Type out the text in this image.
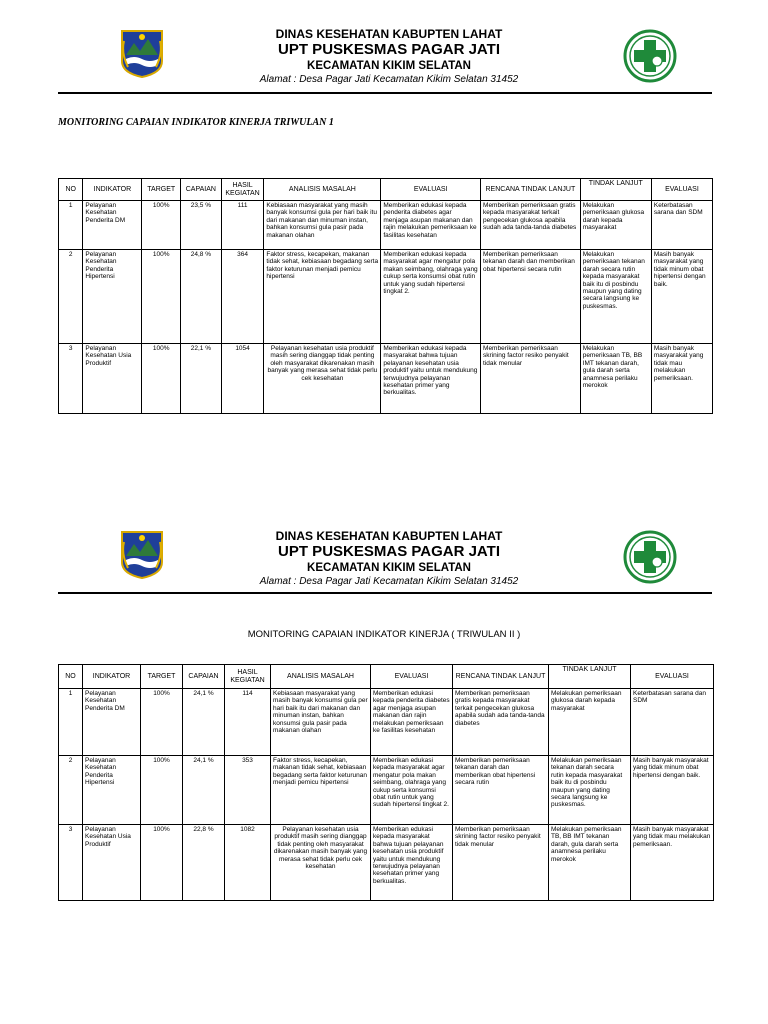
DINAS KESEHATAN KABUPTEN LAHAT
UPT PUSKESMAS PAGAR JATI
KECAMATAN KIKIM SELATAN
Alamat : Desa Pagar Jati Kecamatan Kikim Selatan 31452
MONITORING CAPAIAN INDIKATOR KINERJA TRIWULAN 1
NO	INDIKATOR	TARGET	CAPAIAN	HASIL KEGIATAN	ANALISIS MASALAH	EVALUASI	RENCANA TINDAK LANJUT	TINDAK LANJUT	EVALUASI
1	Pelayanan Kesehatan Penderita DM	100%	23,5 %	111	Kebiasaan masyarakat yang masih banyak konsumsi gula per hari baik itu dari makanan dan minuman instan, bahkan konsumsi gula pasir pada makanan olahan	Memberikan edukasi kepada penderita diabetes agar menjaga asupan makanan dan rajin melakukan pemeriksaan ke fasilitas kesehatan	Memberikan pemeriksaan gratis kepada masyarakat terkait pengecekan glukosa apabila sudah ada tanda-tanda diabetes	Melakukan pemeriksaan glukosa darah kepada masyarakat	Keterbatasan sarana dan SDM
2	Pelayanan Kesehatan Penderita Hipertensi	100%	24,8 %	364	Faktor stress, kecapekan, makanan tidak sehat, kebiasaan begadang serta faktor keturunan menjadi pemicu hipertensi	Memberikan edukasi kepada masyarakat agar mengatur pola makan seimbang, olahraga yang cukup serta konsumsi obat rutin untuk yang sudah hipertensi tingkat 2.	Memberikan pemeriksaan tekanan darah dan memberikan obat hipertensi secara rutin	Melakukan pemeriksaan tekanan darah secara rutin kepada masyarakat baik itu di posbindu maupun yang dating secara langsung ke puskesmas.	Masih banyak masyarakat yang tidak minum obat hipertensi dengan baik.
3	Pelayanan Kesehatan Usia Produktif	100%	22,1 %	1054	Pelayanan kesehatan usia produktif masih sering dianggap tidak penting oleh masyarakat dikarenakan masih banyak yang merasa sehat tidak perlu cek kesehatan	Memberikan edukasi kepada masyarakat bahwa tujuan pelayanan kesehatan usia produktif yaitu untuk mendukung terwujudnya pelayanan kesehatan primer yang berkualitas.	Memberikan pemeriksaan skrining factor resiko penyakit tidak menular	Melakukan pemeriksaan TB, BB IMT tekanan darah, gula darah serta anamnesa perilaku merokok	Masih banyak masyarakat yang tidak mau melakukan pemeriksaan.
DINAS KESEHATAN KABUPTEN LAHAT
UPT PUSKESMAS PAGAR JATI
KECAMATAN KIKIM SELATAN
Alamat : Desa Pagar Jati Kecamatan Kikim Selatan 31452
MONITORING CAPAIAN INDIKATOR KINERJA ( TRIWULAN II )
NO	INDIKATOR	TARGET	CAPAIAN	HASIL KEGIATAN	ANALISIS MASALAH	EVALUASI	RENCANA TINDAK LANJUT	TINDAK LANJUT	EVALUASI
1	Pelayanan Kesehatan Penderita DM	100%	24,1 %	114	Kebiasaan masyarakat yang masih banyak konsumsi gula per hari baik itu dari makanan dan minuman instan, bahkan konsumsi gula pasir pada makanan olahan	Memberikan edukasi kepada penderita diabetes agar menjaga asupan makanan dan rajin melakukan pemeriksaan ke fasilitas kesehatan	Memberikan pemeriksaan gratis kepada masyarakat terkait pengecekan glukosa apabila sudah ada tanda-tanda diabetes	Melakukan pemeriksaan glukosa darah kepada masyarakat	Keterbatasan sarana dan SDM
2	Pelayanan Kesehatan Penderita Hipertensi	100%	24,1 %	353	Faktor stress, kecapekan, makanan tidak sehat, kebiasaan begadang serta faktor keturunan menjadi pemicu hipertensi	Memberikan edukasi kepada masyarakat agar mengatur pola makan seimbang, olahraga yang cukup serta konsumsi obat rutin untuk yang sudah hipertensi tingkat 2.	Memberikan pemeriksaan tekanan darah dan memberikan obat hipertensi secara rutin	Melakukan pemeriksaan tekanan darah secara rutin kepada masyarakat baik itu di posbindu maupun yang dating secara langsung ke puskesmas.	Masih banyak masyarakat yang tidak minum obat hipertensi dengan baik.
3	Pelayanan Kesehatan Usia Produktif	100%	22,8 %	1082	Pelayanan kesehatan usia produktif masih sering dianggap tidak penting oleh masyarakat dikarenakan masih banyak yang merasa sehat tidak perlu cek kesehatan	Memberikan edukasi kepada masyarakat bahwa tujuan pelayanan kesehatan usia produktif yaitu untuk mendukung terwujudnya pelayanan kesehatan primer yang berkualitas.	Memberikan pemeriksaan skrining factor resiko penyakit tidak menular	Melakukan pemeriksaan TB, BB IMT tekanan darah, gula darah serta anamnesa perilaku merokok	Masih banyak masyarakat yang tidak mau melakukan pemeriksaan.
